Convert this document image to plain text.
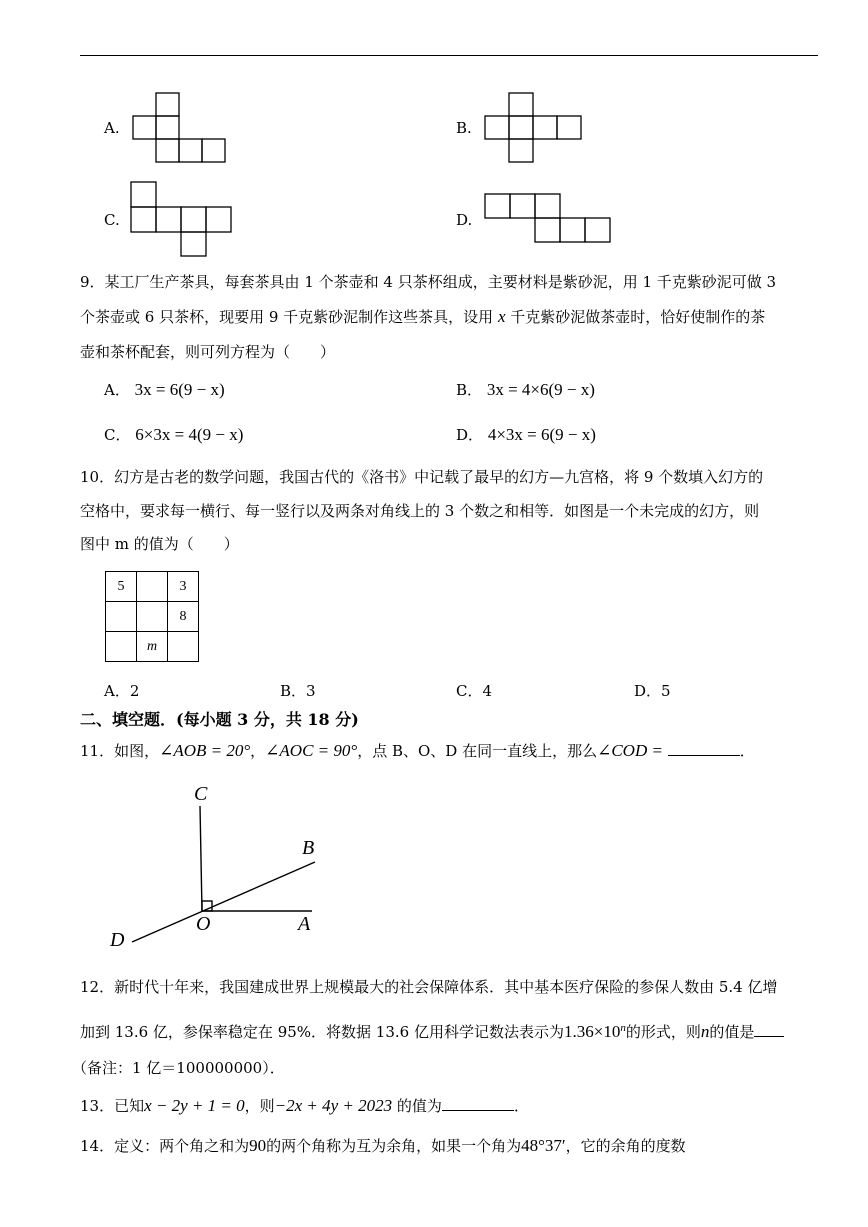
A.	B.
C.	D.
9．某工厂生产茶具，每套茶具由 1 个茶壶和 4 只茶杯组成，主要材料是紫砂泥，用 1 千克紫砂泥可做 3
个茶壶或 6 只茶杯，现要用 9 千克紫砂泥制作这些茶具，设用 x 千克紫砂泥做茶壶时，恰好使制作的茶
壶和茶杯配套，则可列方程为（　　）
A． 3x = 6(9 − x)	B． 3x = 4×6(9 − x)
C． 6×3x = 4(9 − x)	D． 4×3x = 6(9 − x)
10．幻方是古老的数学问题，我国古代的《洛书》中记载了最早的幻方—九宫格，将 9 个数填入幻方的
空格中，要求每一横行、每一竖行以及两条对角线上的 3 个数之和相等．如图是一个未完成的幻方，则
图中 m 的值为（　　）
5		3
		8
	m	
A．2	B．3	C．4	D．5
二、填空题．(每小题 3 分，共 18 分)
11．如图，∠AOB = 20°，∠AOC = 90°，点 B、O、D 在同一直线上，那么∠COD =	．
C
B
O	A
D
12．新时代十年来，我国建成世界上规模最大的社会保障体系．其中基本医疗保险的参保人数由 5.4 亿增
加到 13.6 亿，参保率稳定在 95%．将数据 13.6 亿用科学记数法表示为$1.36\times 10^n$的形式，则n的值是
（备注：1 亿＝100000000）．
13．已知x − 2y + 1 = 0，则−2x + 4y + 2023 的值为	．
14．定义：两个角之和为90的两个角称为互为余角，如果一个角为48°37′，它的余角的度数
